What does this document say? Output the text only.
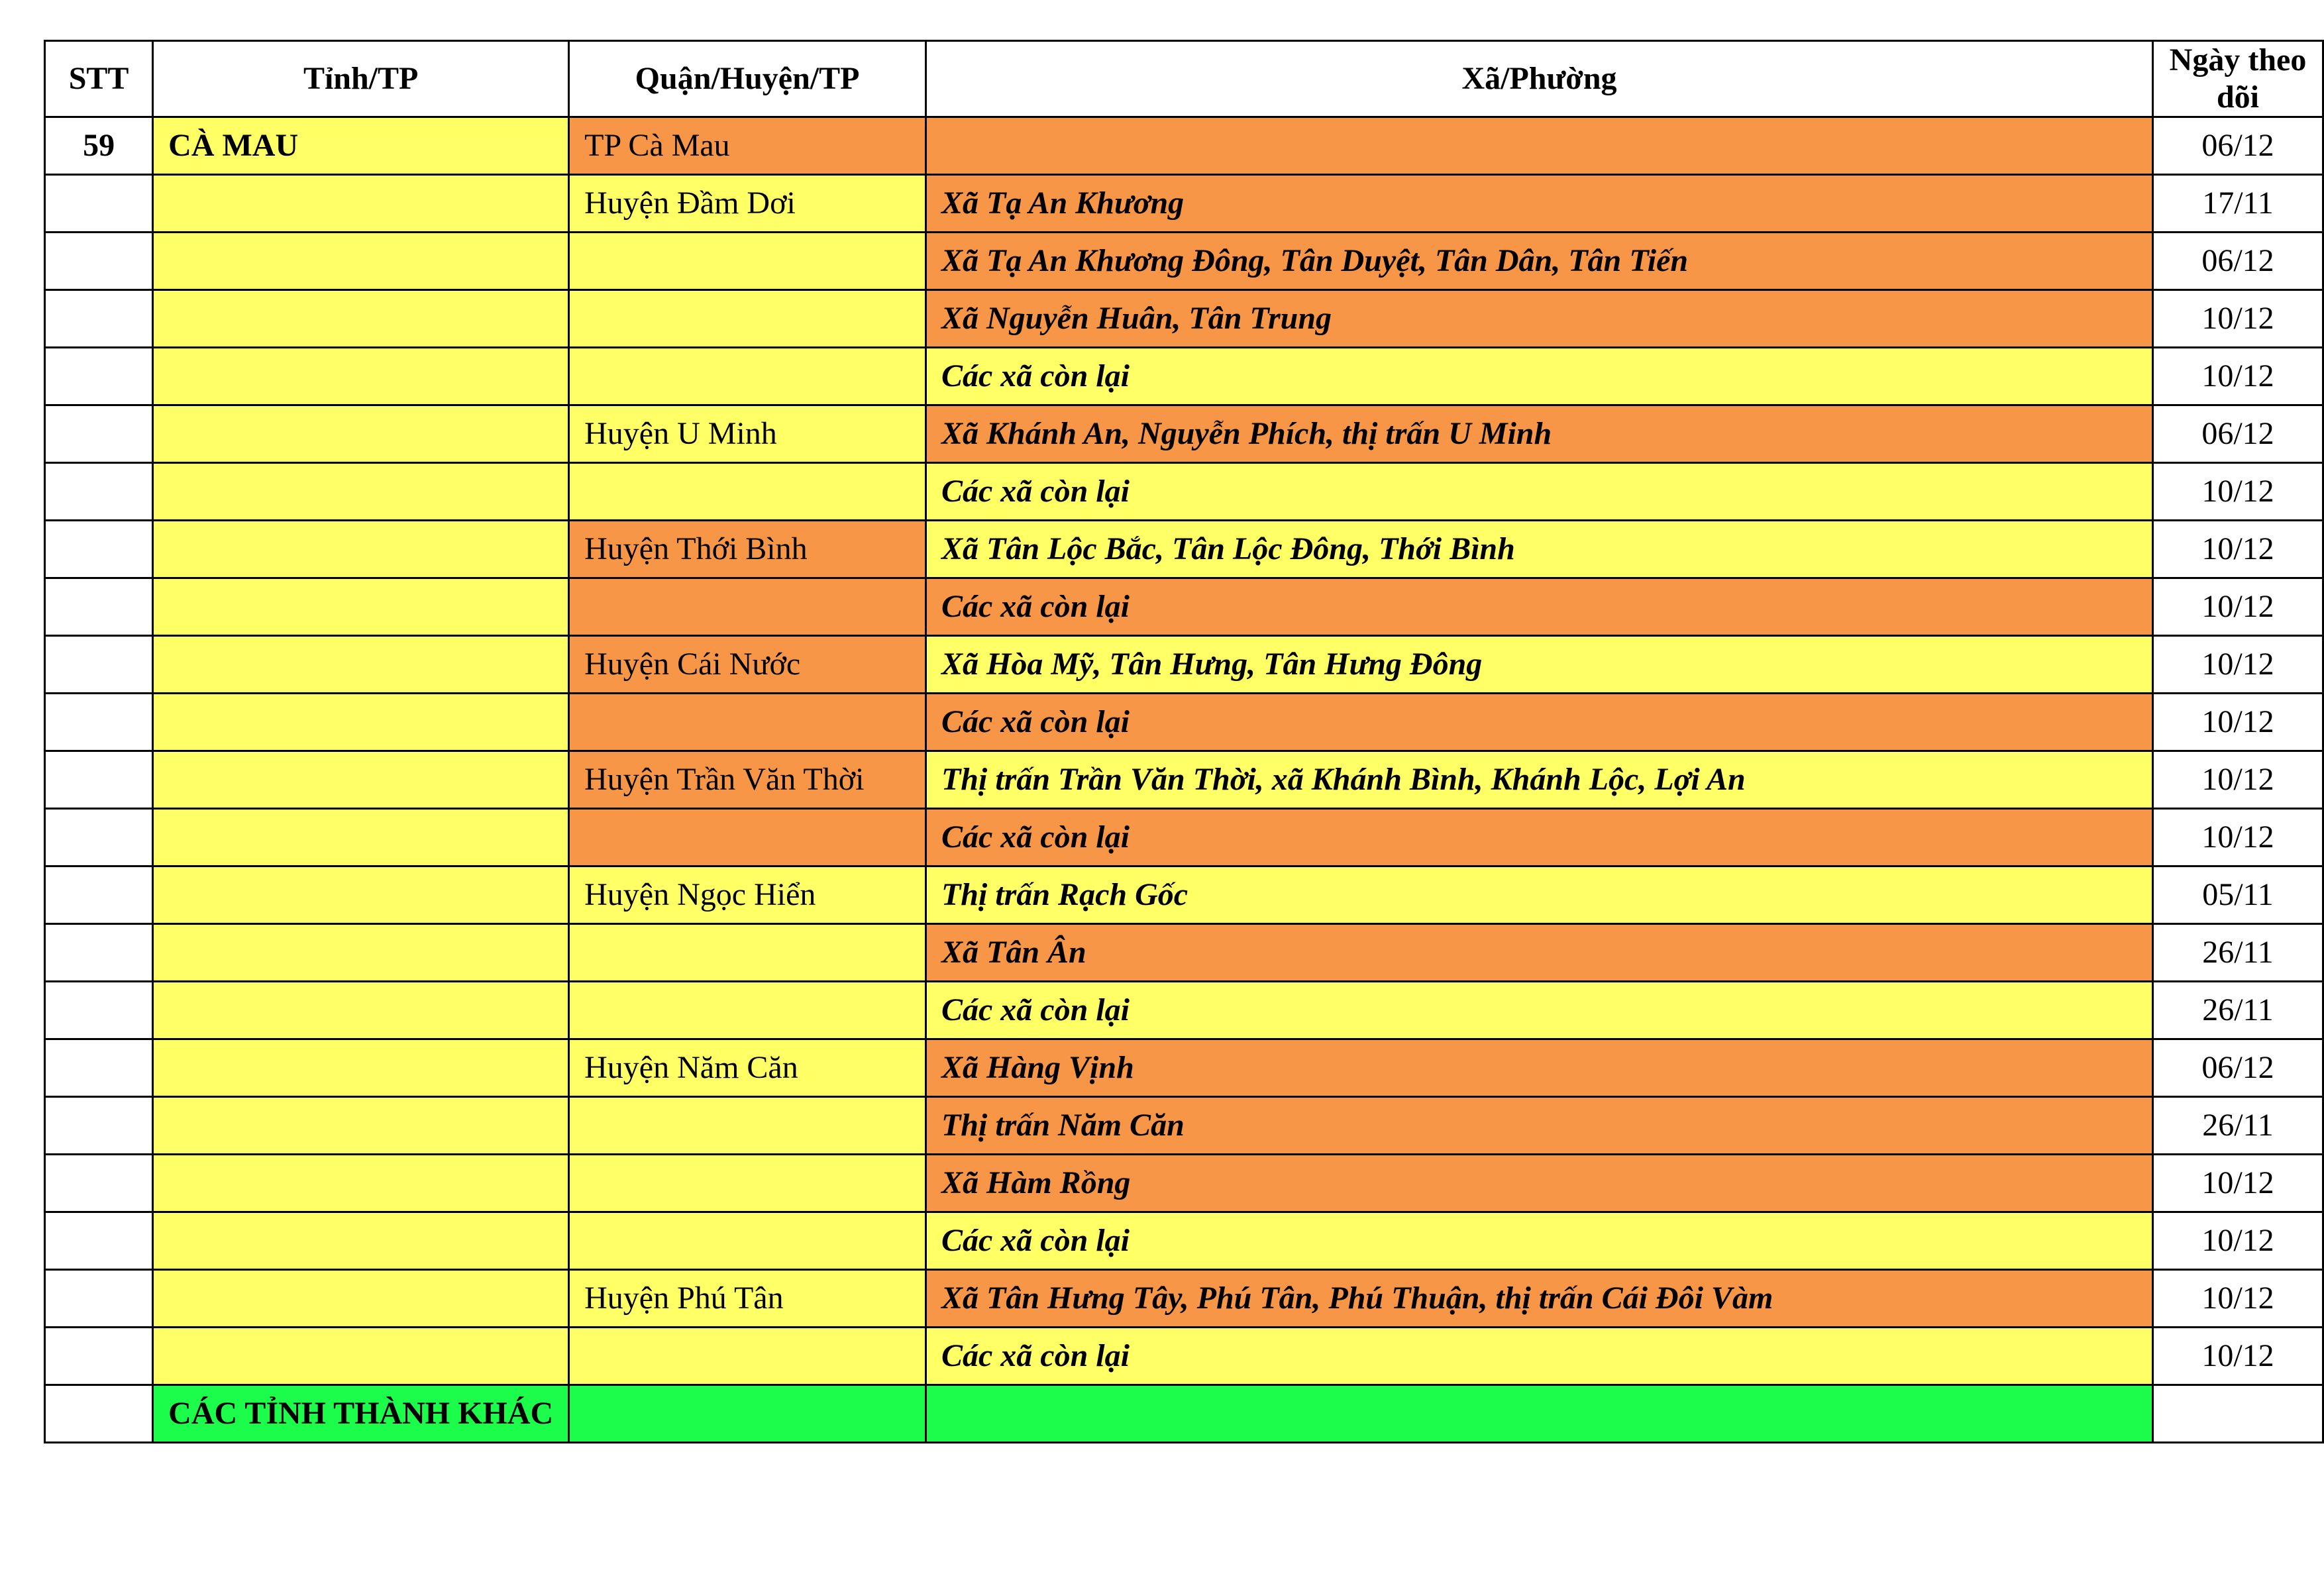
STT	Tỉnh/TP	Quận/Huyện/TP	Xã/Phường	Ngày theo dõi
59	CÀ MAU	TP Cà Mau		06/12
		Huyện Đầm Dơi	Xã Tạ An Khương	17/11
			Xã Tạ An Khương Đông, Tân Duyệt, Tân Dân, Tân Tiến	06/12
			Xã Nguyễn Huân, Tân Trung	10/12
			Các xã còn lại	10/12
		Huyện U Minh	Xã Khánh An, Nguyễn Phích, thị trấn U Minh	06/12
			Các xã còn lại	10/12
		Huyện Thới Bình	Xã Tân Lộc Bắc, Tân Lộc Đông, Thới Bình	10/12
			Các xã còn lại	10/12
		Huyện Cái Nước	Xã Hòa Mỹ, Tân Hưng, Tân Hưng Đông	10/12
			Các xã còn lại	10/12
		Huyện Trần Văn Thời	Thị trấn Trần Văn Thời, xã Khánh Bình, Khánh Lộc, Lợi An	10/12
			Các xã còn lại	10/12
		Huyện Ngọc Hiển	Thị trấn Rạch Gốc	05/11
			Xã Tân Ân	26/11
			Các xã còn lại	26/11
		Huyện Năm Căn	Xã Hàng Vịnh	06/12
			Thị trấn Năm Căn	26/11
			Xã Hàm Rồng	10/12
			Các xã còn lại	10/12
		Huyện Phú Tân	Xã Tân Hưng Tây, Phú Tân, Phú Thuận, thị trấn Cái Đôi Vàm	10/12
			Các xã còn lại	10/12
	CÁC TỈNH THÀNH KHÁC			
